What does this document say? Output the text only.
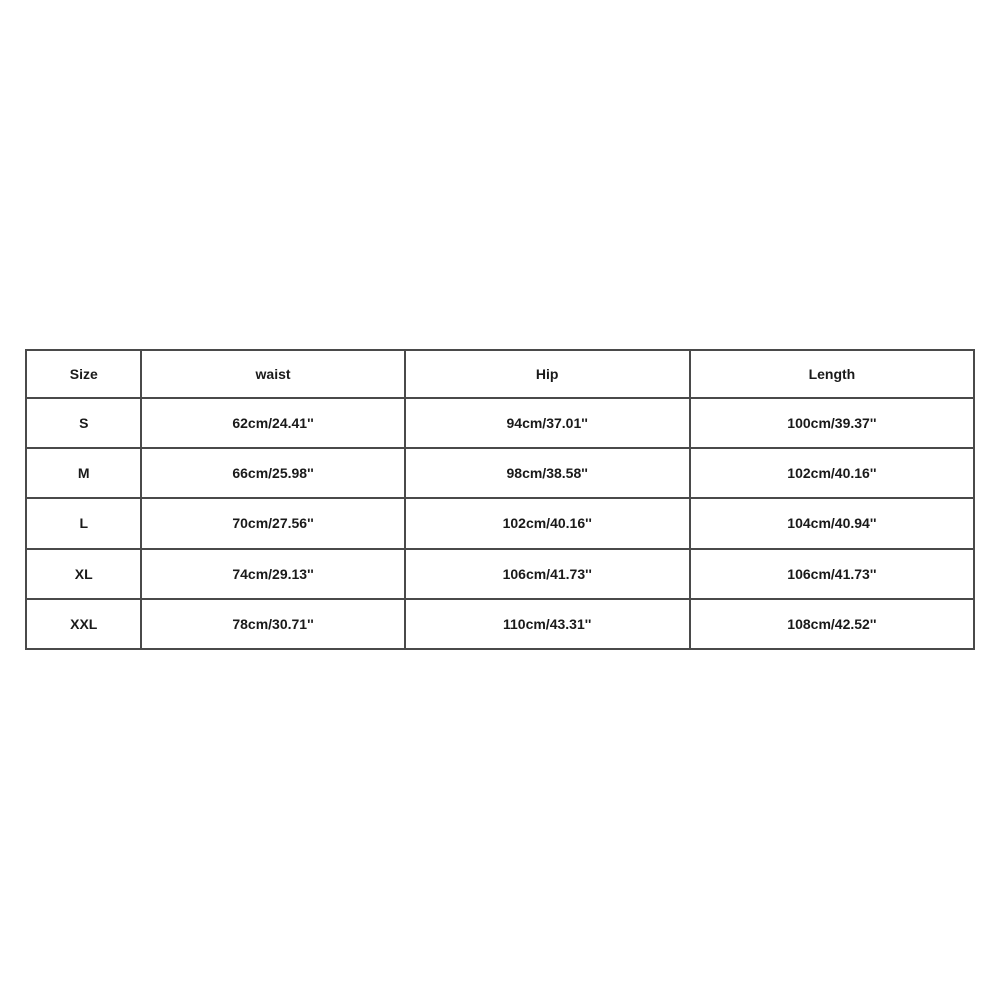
Size	waist	Hip	Length
S	62cm/24.41''	94cm/37.01''	100cm/39.37''
M	66cm/25.98''	98cm/38.58''	102cm/40.16''
L	70cm/27.56''	102cm/40.16''	104cm/40.94''
XL	74cm/29.13''	106cm/41.73''	106cm/41.73''
XXL	78cm/30.71''	110cm/43.31''	108cm/42.52''
